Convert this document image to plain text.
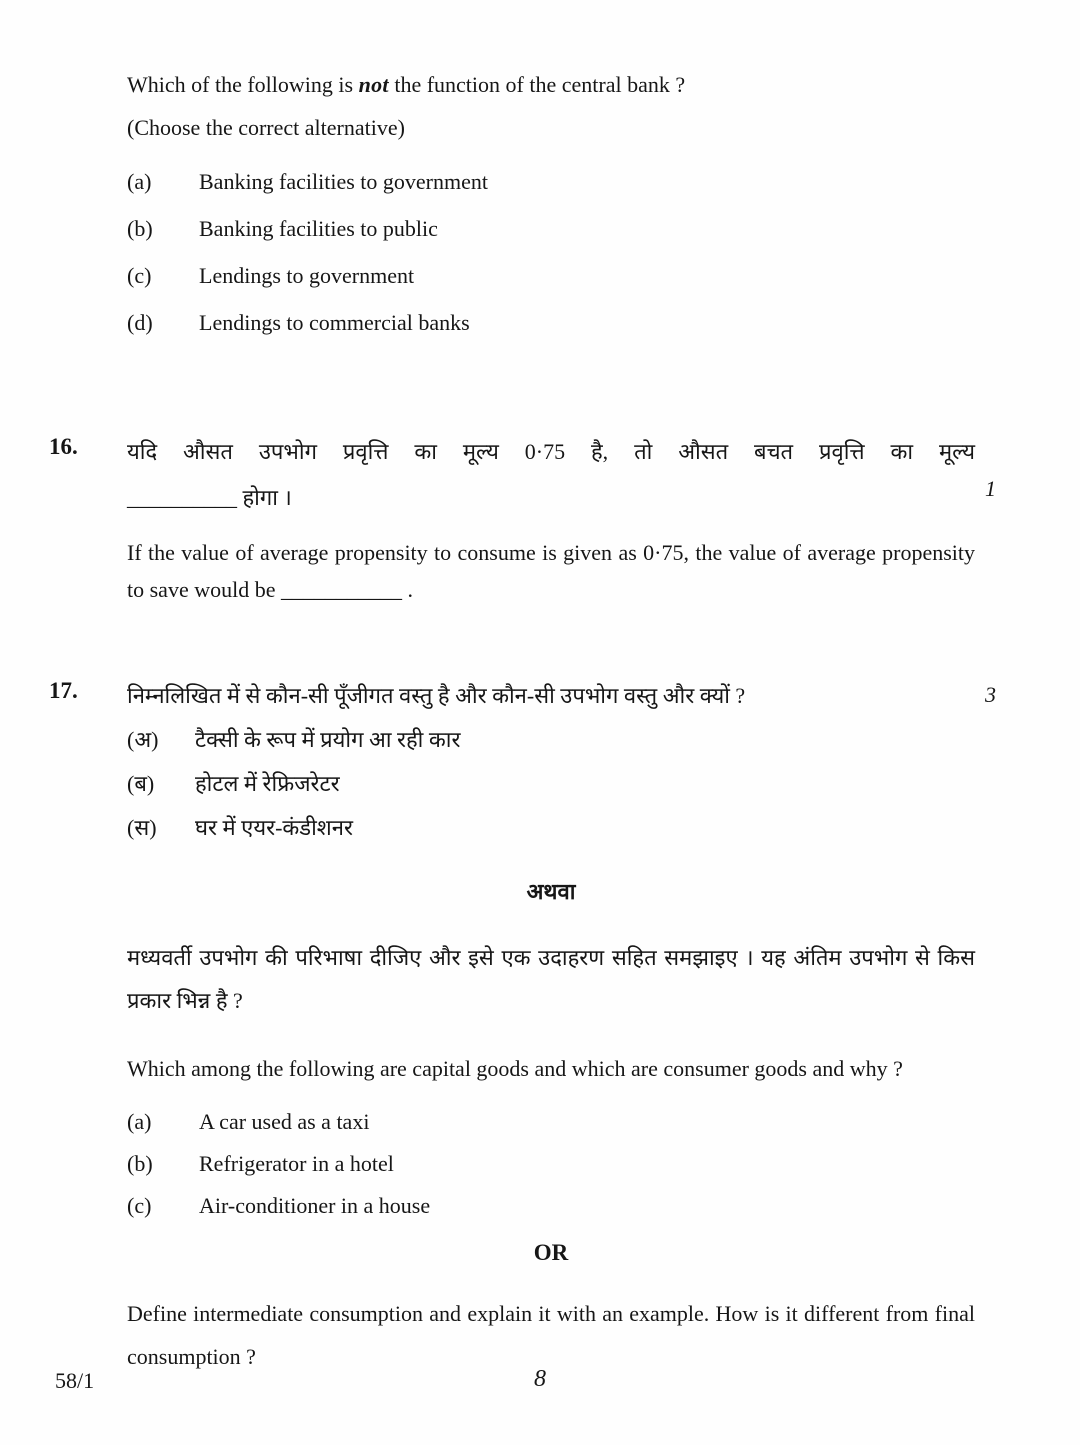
Which of the following is not the function of the central bank ?

(Choose the correct alternative)

(a)	Banking facilities to government
(b)	Banking facilities to public
(c)	Lendings to government
(d)	Lendings to commercial banks
16.
1

यदि औसत उपभोग प्रवृत्ति का मूल्य 0·75 है, तो औसत बचत प्रवृत्ति का मूल्य

__________ होगा ।

If the value of average propensity to consume is given as 0·75, the value of average propensity to save would be ___________ .

17.	3

निम्नलिखित में से कौन-सी पूँजीगत वस्तु है और कौन-सी उपभोग वस्तु और क्यों ?

(अ)	टैक्सी के रूप में प्रयोग आ रही कार
(ब)	होटल में रेफ्रिजरेटर
(स)	घर में एयर-कंडीशनर

अथवा

मध्यवर्ती उपभोग की परिभाषा दीजिए और इसे एक उदाहरण सहित समझाइए । यह अंतिम उपभोग से किस प्रकार भिन्न है ?

Which among the following are capital goods and which are consumer goods and why ?

(a)	A car used as a taxi
(b)	Refrigerator in a hotel
(c)	Air-conditioner in a house

OR

Define intermediate consumption and explain it with an example. How is it different from final consumption ?

58/1	8
